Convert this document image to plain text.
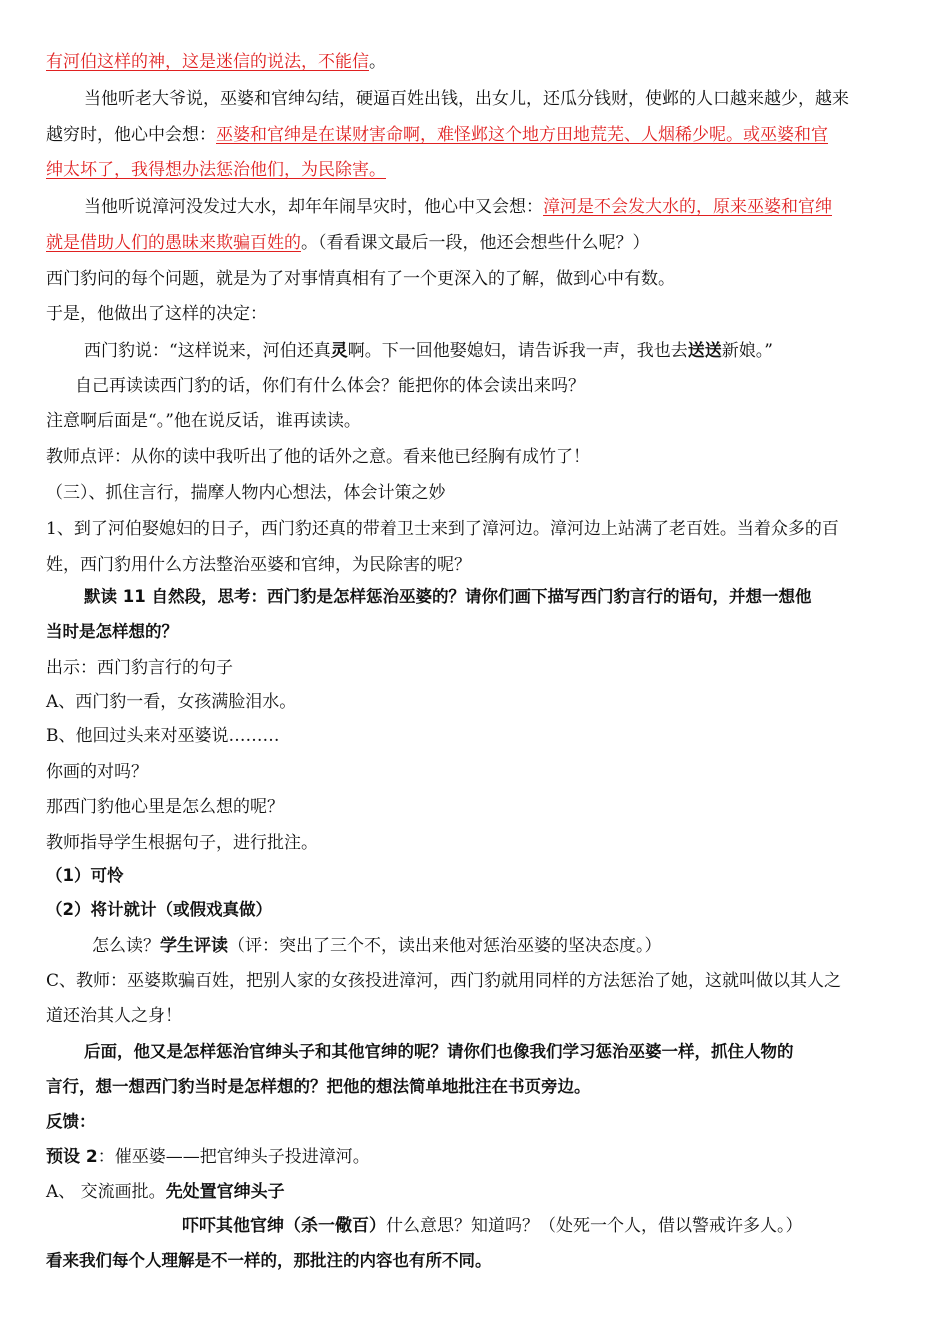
有河伯这样的神，这是迷信的说法，不能信。
当他听老大爷说，巫婆和官绅勾结，硬逼百姓出钱，出女儿，还瓜分钱财，使邺的人口越来越少，越来
越穷时，他心中会想：巫婆和官绅是在谋财害命啊，难怪邺这个地方田地荒芜、人烟稀少呢。或巫婆和官
绅太坏了，我得想办法惩治他们，为民除害。
当他听说漳河没发过大水，却年年闹旱灾时，他心中又会想：漳河是不会发大水的，原来巫婆和官绅
就是借助人们的愚昧来欺骗百姓的。（看看课文最后一段，他还会想些什么呢？）
西门豹问的每个问题，就是为了对事情真相有了一个更深入的了解，做到心中有数。
于是，他做出了这样的决定：
西门豹说：“这样说来，河伯还真灵啊。下一回他娶媳妇，请告诉我一声，我也去送送新娘。”
自己再读读西门豹的话，你们有什么体会？能把你的体会读出来吗？
注意啊后面是“。”他在说反话，谁再读读。
教师点评：从你的读中我听出了他的话外之意。看来他已经胸有成竹了！
（三）、抓住言行，揣摩人物内心想法，体会计策之妙
1、到了河伯娶媳妇的日子，西门豹还真的带着卫士来到了漳河边。漳河边上站满了老百姓。当着众多的百
姓，西门豹用什么方法整治巫婆和官绅，为民除害的呢？
默读 11 自然段，思考：西门豹是怎样惩治巫婆的？请你们画下描写西门豹言行的语句，并想一想他
当时是怎样想的？
出示：西门豹言行的句子
A、西门豹一看，女孩满脸泪水。
B、他回过头来对巫婆说………
你画的对吗？
那西门豹他心里是怎么想的呢？
教师指导学生根据句子，进行批注。
（1）可怜
（2）将计就计（或假戏真做）
怎么读？学生评读（评：突出了三个不，读出来他对惩治巫婆的坚决态度。）
C、教师：巫婆欺骗百姓，把别人家的女孩投进漳河，西门豹就用同样的方法惩治了她，这就叫做以其人之
道还治其人之身！
后面，他又是怎样惩治官绅头子和其他官绅的呢？请你们也像我们学习惩治巫婆一样，抓住人物的
言行，想一想西门豹当时是怎样想的？把他的想法简单地批注在书页旁边。
反馈：
预设 2：催巫婆——把官绅头子投进漳河。
A、 交流画批。先处置官绅头子
吓吓其他官绅（杀一儆百）什么意思？知道吗？（处死一个人，借以警戒许多人。）
看来我们每个人理解是不一样的，那批注的内容也有所不同。
